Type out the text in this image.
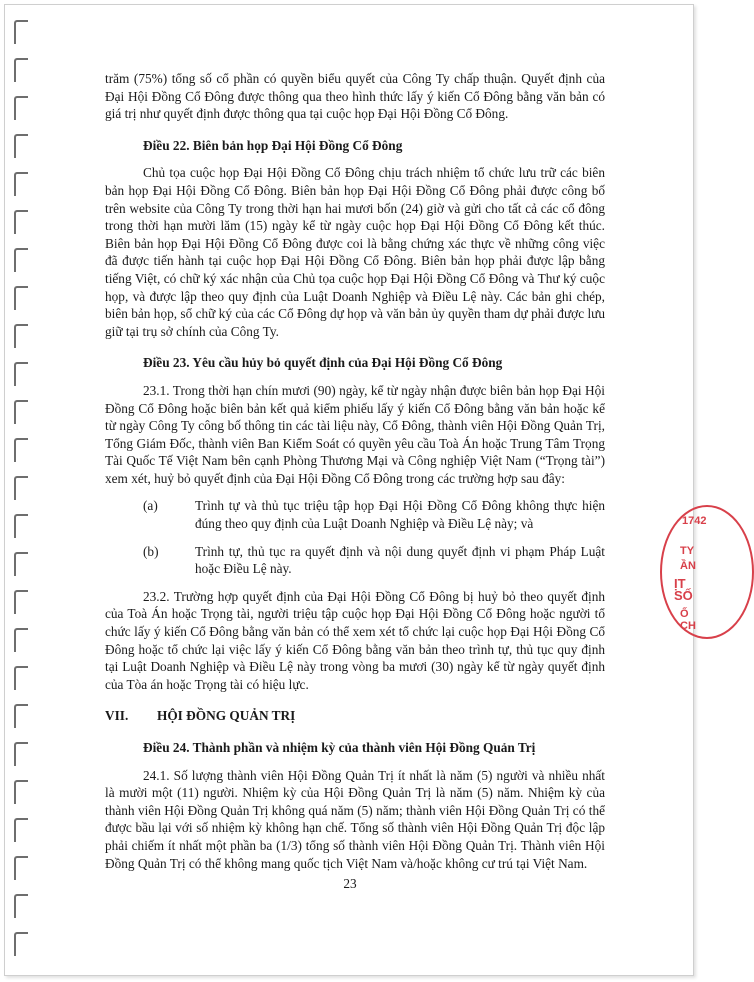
trăm (75%) tổng số cổ phần có quyền biểu quyết của Công Ty chấp thuận. Quyết định của Đại Hội Đồng Cổ Đông được thông qua theo hình thức lấy ý kiến Cổ Đông bằng văn bản có giá trị như quyết định được thông qua tại cuộc họp Đại Hội Đồng Cổ Đông.

Điều 22. Biên bản họp Đại Hội Đồng Cổ Đông

Chủ tọa cuộc họp Đại Hội Đồng Cổ Đông chịu trách nhiệm tổ chức lưu trữ các biên bản họp Đại Hội Đồng Cổ Đông. Biên bản họp Đại Hội Đồng Cổ Đông phải được công bố trên website của Công Ty trong thời hạn hai mươi bốn (24) giờ và gửi cho tất cả các cổ đông trong thời hạn mười lăm (15) ngày kể từ ngày cuộc họp Đại Hội Đồng Cổ Đông kết thúc. Biên bản họp Đại Hội Đồng Cổ Đông được coi là bằng chứng xác thực về những công việc đã được tiến hành tại cuộc họp Đại Hội Đồng Cổ Đông. Biên bản họp phải được lập bằng tiếng Việt, có chữ ký xác nhận của Chủ tọa cuộc họp Đại Hội Đồng Cổ Đông và Thư ký cuộc họp, và được lập theo quy định của Luật Doanh Nghiệp và Điều Lệ này. Các bản ghi chép, biên bản họp, sổ chữ ký của các Cổ Đông dự họp và văn bản ủy quyền tham dự phải được lưu giữ tại trụ sở chính của Công Ty.

Điều 23. Yêu cầu hủy bỏ quyết định của Đại Hội Đồng Cổ Đông

23.1. Trong thời hạn chín mươi (90) ngày, kể từ ngày nhận được biên bản họp Đại Hội Đồng Cổ Đông hoặc biên bản kết quả kiểm phiếu lấy ý kiến Cổ Đông bằng văn bản hoặc kể từ ngày Công Ty công bố thông tin các tài liệu này, Cổ Đông, thành viên Hội Đồng Quản Trị, Tổng Giám Đốc, thành viên Ban Kiểm Soát có quyền yêu cầu Toà Án hoặc Trung Tâm Trọng Tài Quốc Tế Việt Nam bên cạnh Phòng Thương Mại và Công nghiệp Việt Nam (“Trọng tài”) xem xét, huỷ bỏ quyết định của Đại Hội Đồng Cổ Đông trong các trường hợp sau đây:

(a)	Trình tự và thủ tục triệu tập họp Đại Hội Đồng Cổ Đông không thực hiện đúng theo quy định của Luật Doanh Nghiệp và Điều Lệ này; và
(b)	Trình tự, thủ tục ra quyết định và nội dung quyết định vi phạm Pháp Luật hoặc Điều Lệ này.

23.2. Trường hợp quyết định của Đại Hội Đồng Cổ Đông bị huỷ bỏ theo quyết định của Toà Án hoặc Trọng tài, người triệu tập cuộc họp Đại Hội Đồng Cổ Đông hoặc người tổ chức lấy ý kiến Cổ Đông bằng văn bản có thể xem xét tổ chức lại cuộc họp Đại Hội Đồng Cổ Đông hoặc tổ chức lại việc lấy ý kiến Cổ Đông bằng văn bản theo trình tự, thủ tục quy định tại Luật Doanh Nghiệp và Điều Lệ này trong vòng ba mươi (30) ngày kể từ ngày quyết định của Tòa án hoặc Trọng tài có hiệu lực.

VII.	HỘI ĐỒNG QUẢN TRỊ

Điều 24. Thành phần và nhiệm kỳ của thành viên Hội Đồng Quản Trị

24.1. Số lượng thành viên Hội Đồng Quản Trị ít nhất là năm (5) người và nhiều nhất là mười một (11) người. Nhiệm kỳ của Hội Đồng Quản Trị là năm (5) năm. Nhiệm kỳ của thành viên Hội Đồng Quản Trị không quá năm (5) năm; thành viên Hội Đồng Quản Trị có thể được bầu lại với số nhiệm kỳ không hạn chế. Tổng số thành viên Hội Đồng Quản Trị độc lập phải chiếm ít nhất một phần ba (1/3) tổng số thành viên Hội Đồng Quản Trị. Thành viên Hội Đồng Quản Trị có thể không mang quốc tịch Việt Nam và/hoặc không cư trú tại Việt Nam.

23
1742
TY
ẦN
ỊT SỐ
Ố CH
